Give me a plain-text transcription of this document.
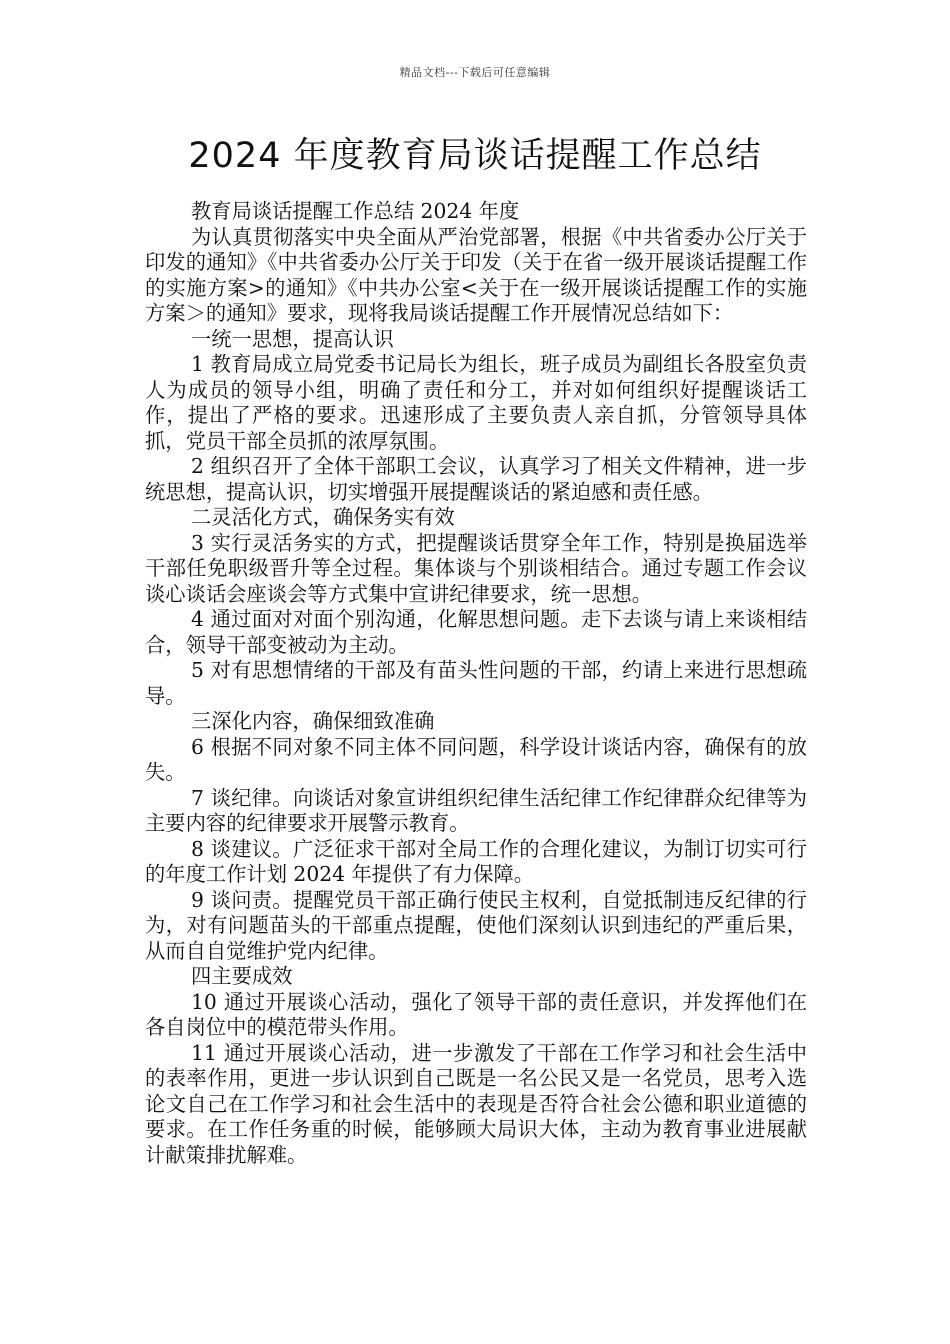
精品文档---下载后可任意编辑
2024 年度教育局谈话提醒工作总结

教育局谈话提醒工作总结 2024 年度

为认真贯彻落实中央全面从严治党部署，根据《中共省委办公厅关于印发的通知》《中共省委办公厅关于印发（关于在省一级开展谈话提醒工作的实施方案>的通知》《中共办公室<关于在一级开展谈话提醒工作的实施方案＞的通知》要求，现将我局谈话提醒工作开展情况总结如下：

一统一思想，提高认识

1 教育局成立局党委书记局长为组长，班子成员为副组长各股室负责人为成员的领导小组，明确了责任和分工，并对如何组织好提醒谈话工作，提出了严格的要求。迅速形成了主要负责人亲自抓，分管领导具体抓，党员干部全员抓的浓厚氛围。

2 组织召开了全体干部职工会议，认真学习了相关文件精神，进一步统思想，提高认识，切实增强开展提醒谈话的紧迫感和责任感。

二灵活化方式，确保务实有效

3 实行灵活务实的方式，把提醒谈话贯穿全年工作，特别是换届选举干部任免职级晋升等全过程。集体谈与个别谈相结合。通过专题工作会议谈心谈话会座谈会等方式集中宣讲纪律要求，统一思想。

4 通过面对对面个别沟通，化解思想问题。走下去谈与请上来谈相结合，领导干部变被动为主动。

5 对有思想情绪的干部及有苗头性问题的干部，约请上来进行思想疏导。

三深化内容，确保细致准确

6 根据不同对象不同主体不同问题，科学设计谈话内容，确保有的放失。

7 谈纪律。向谈话对象宣讲组织纪律生活纪律工作纪律群众纪律等为主要内容的纪律要求开展警示教育。

8 谈建议。广泛征求干部对全局工作的合理化建议，为制订切实可行的年度工作计划 2024 年提供了有力保障。

9 谈问责。提醒党员干部正确行使民主权利，自觉抵制违反纪律的行为，对有问题苗头的干部重点提醒，使他们深刻认识到违纪的严重后果，从而自自觉维护党内纪律。

四主要成效

10 通过开展谈心活动，强化了领导干部的责任意识，并发挥他们在各自岗位中的模范带头作用。

11 通过开展谈心活动，进一步激发了干部在工作学习和社会生活中的表率作用，更进一步认识到自己既是一名公民又是一名党员，思考入选论文自己在工作学习和社会生活中的表现是否符合社会公德和职业道德的要求。在工作任务重的时候，能够顾大局识大体，主动为教育事业进展献计献策排扰解难。
